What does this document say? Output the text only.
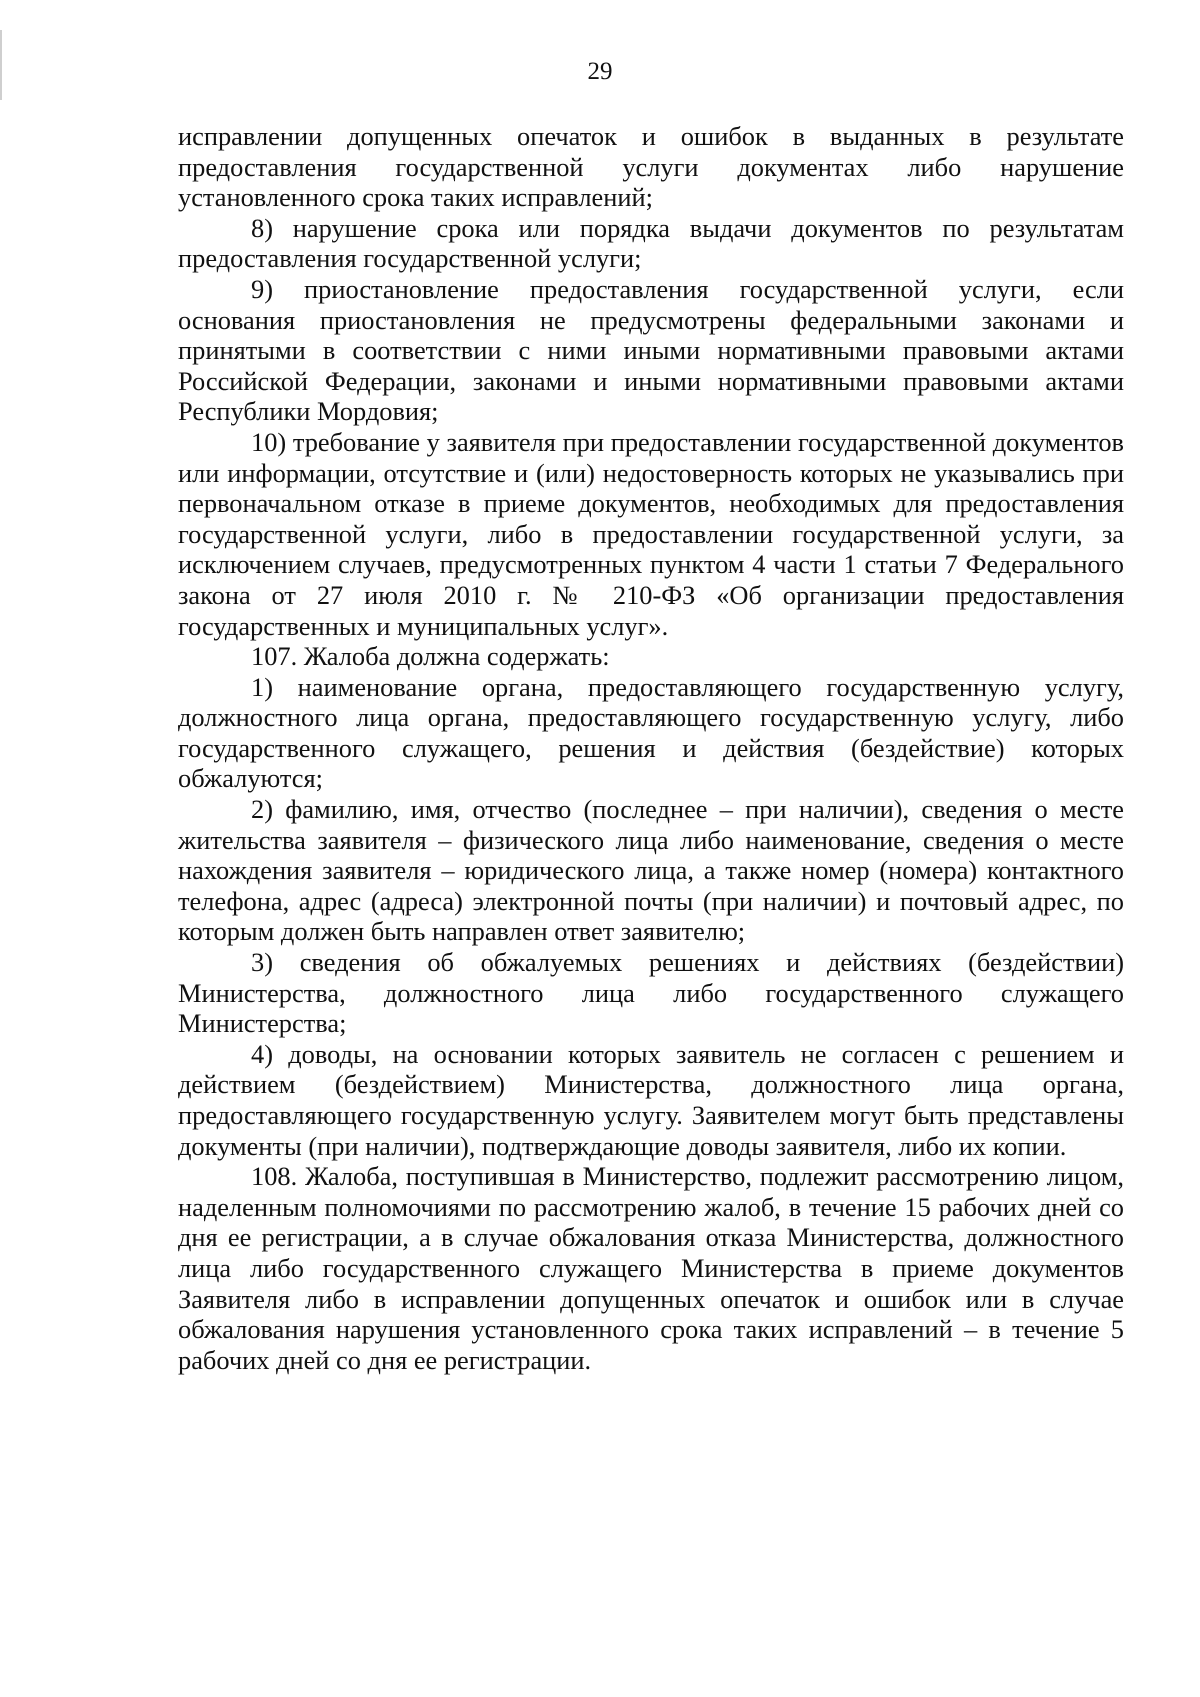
29

исправлении допущенных опечаток и ошибок в выданных в результате предоставления государственной услуги документах либо нарушение установленного срока таких исправлений;

8) нарушение срока или порядка выдачи документов по результатам предоставления государственной услуги;

9) приостановление предоставления государственной услуги, если основания приостановления не предусмотрены федеральными законами и принятыми в соответствии с ними иными нормативными правовыми актами Российской Федерации, законами и иными нормативными правовыми актами Республики Мордовия;

10) требование у заявителя при предоставлении государственной документов или информации, отсутствие и (или) недостоверность которых не указывались при первоначальном отказе в приеме документов, необходимых для предоставления государственной услуги, либо в предоставлении государственной услуги, за исключением случаев, предусмотренных пунктом 4 части 1 статьи 7 Федерального закона от 27 июля 2010 г. № 210-ФЗ «Об организации предоставления государственных и муниципальных услуг».

107. Жалоба должна содержать:

1) наименование органа, предоставляющего государственную услугу, должностного лица органа, предоставляющего государственную услугу, либо государственного служащего, решения и действия (бездействие) которых обжалуются;

2) фамилию, имя, отчество (последнее – при наличии), сведения о месте жительства заявителя – физического лица либо наименование, сведения о месте нахождения заявителя – юридического лица, а также номер (номера) контактного телефона, адрес (адреса) электронной почты (при наличии) и почтовый адрес, по которым должен быть направлен ответ заявителю;

3) сведения об обжалуемых решениях и действиях (бездействии) Министерства, должностного лица либо государственного служащего Министерства;

4) доводы, на основании которых заявитель не согласен с решением и действием (бездействием) Министерства, должностного лица органа, предоставляющего государственную услугу. Заявителем могут быть представлены документы (при наличии), подтверждающие доводы заявителя, либо их копии.

108. Жалоба, поступившая в Министерство, подлежит рассмотрению лицом, наделенным полномочиями по рассмотрению жалоб, в течение 15 рабочих дней со дня ее регистрации, а в случае обжалования отказа Министерства, должностного лица либо государственного служащего Министерства в приеме документов Заявителя либо в исправлении допущенных опечаток и ошибок или в случае обжалования нарушения установленного срока таких исправлений – в течение 5 рабочих дней со дня ее регистрации.
